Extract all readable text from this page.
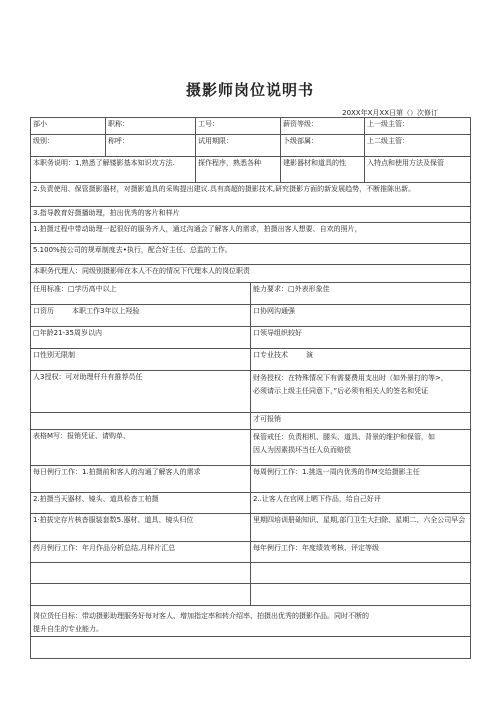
摄影师岗位说明书
20XX年X月XX日第（）次修订
部小	职称：	工号：	薪资等级：	上一级主管：
级别：	称呼：	试用期限：	卜级部属：	上二级主管：
本职务说明：1,熟悉了解镂影基本知识攻方法.	探作程序，熟悉各种	建影器材和道具的性	入特点和使用方法及保管
2.负责使用、保管摄影器材，对摄影道具的采购提出建议.具有高超的摄影技术,研究摄影方面的新发展趋势，不断推陈出新。
3.指导教育好摄播助理，拍出优秀的客片和样片
1.拍摄过程中带动助理一起很好的服务齐人，通过沟通会了解客人的需求，拍摄出客人想要、自欢的照片，
5.100%按公司的规章制度去•执行，配合好主任、总监的工作。
本职务代理人：同级别摄影师在本人不在的情况下代理本人的岗位职责
任用标准：□学历高中以上	能力要求：□外表形象佳
口资历	本职工作3年以上羟验	口协网沟通强
□年龄21-35周岁以内	口领导组织较好
口性别无限制	口专业技术	演
人3授权：可对助理杆升有推荐员任	财务授权：在特殊情况下有需要费用支出时（如外景打的等>，
必须请示上级主任同意下，”后必须有相关人的签名和凭证
才可报销
表格M写：报销凭证、请购单、	保管戒任：负责相机、腿头、道具、背景的维护和保管，如
因人为因素损坏当任人负而赔偿
每日例行工作：1.拍摄前和客人的沟通了解客人的需求	每周例行工作：1.挑选一周内优秀的作M交给摄影主任
2.拍摄当天器材、镜头、道具检杳工柏摄	2..让客人在官网上晒下作品，给自己好评
1·拍拔完存片核杳服装套数5.器材、道具、镜头归位	里期四培训册础知识、星期,部门卫生大扫除、星期二、六全公司早会
药月例行工作：年月作品分析总结,月样片汇总	每年例行工作：年度绩效考核、评定等级
岗位货任目标：带动摄影助理服务好每对客人、增加指定率和转介绍率、拍摄出优秀的摄影作品。同时不断的
提升自生的专业能力。
